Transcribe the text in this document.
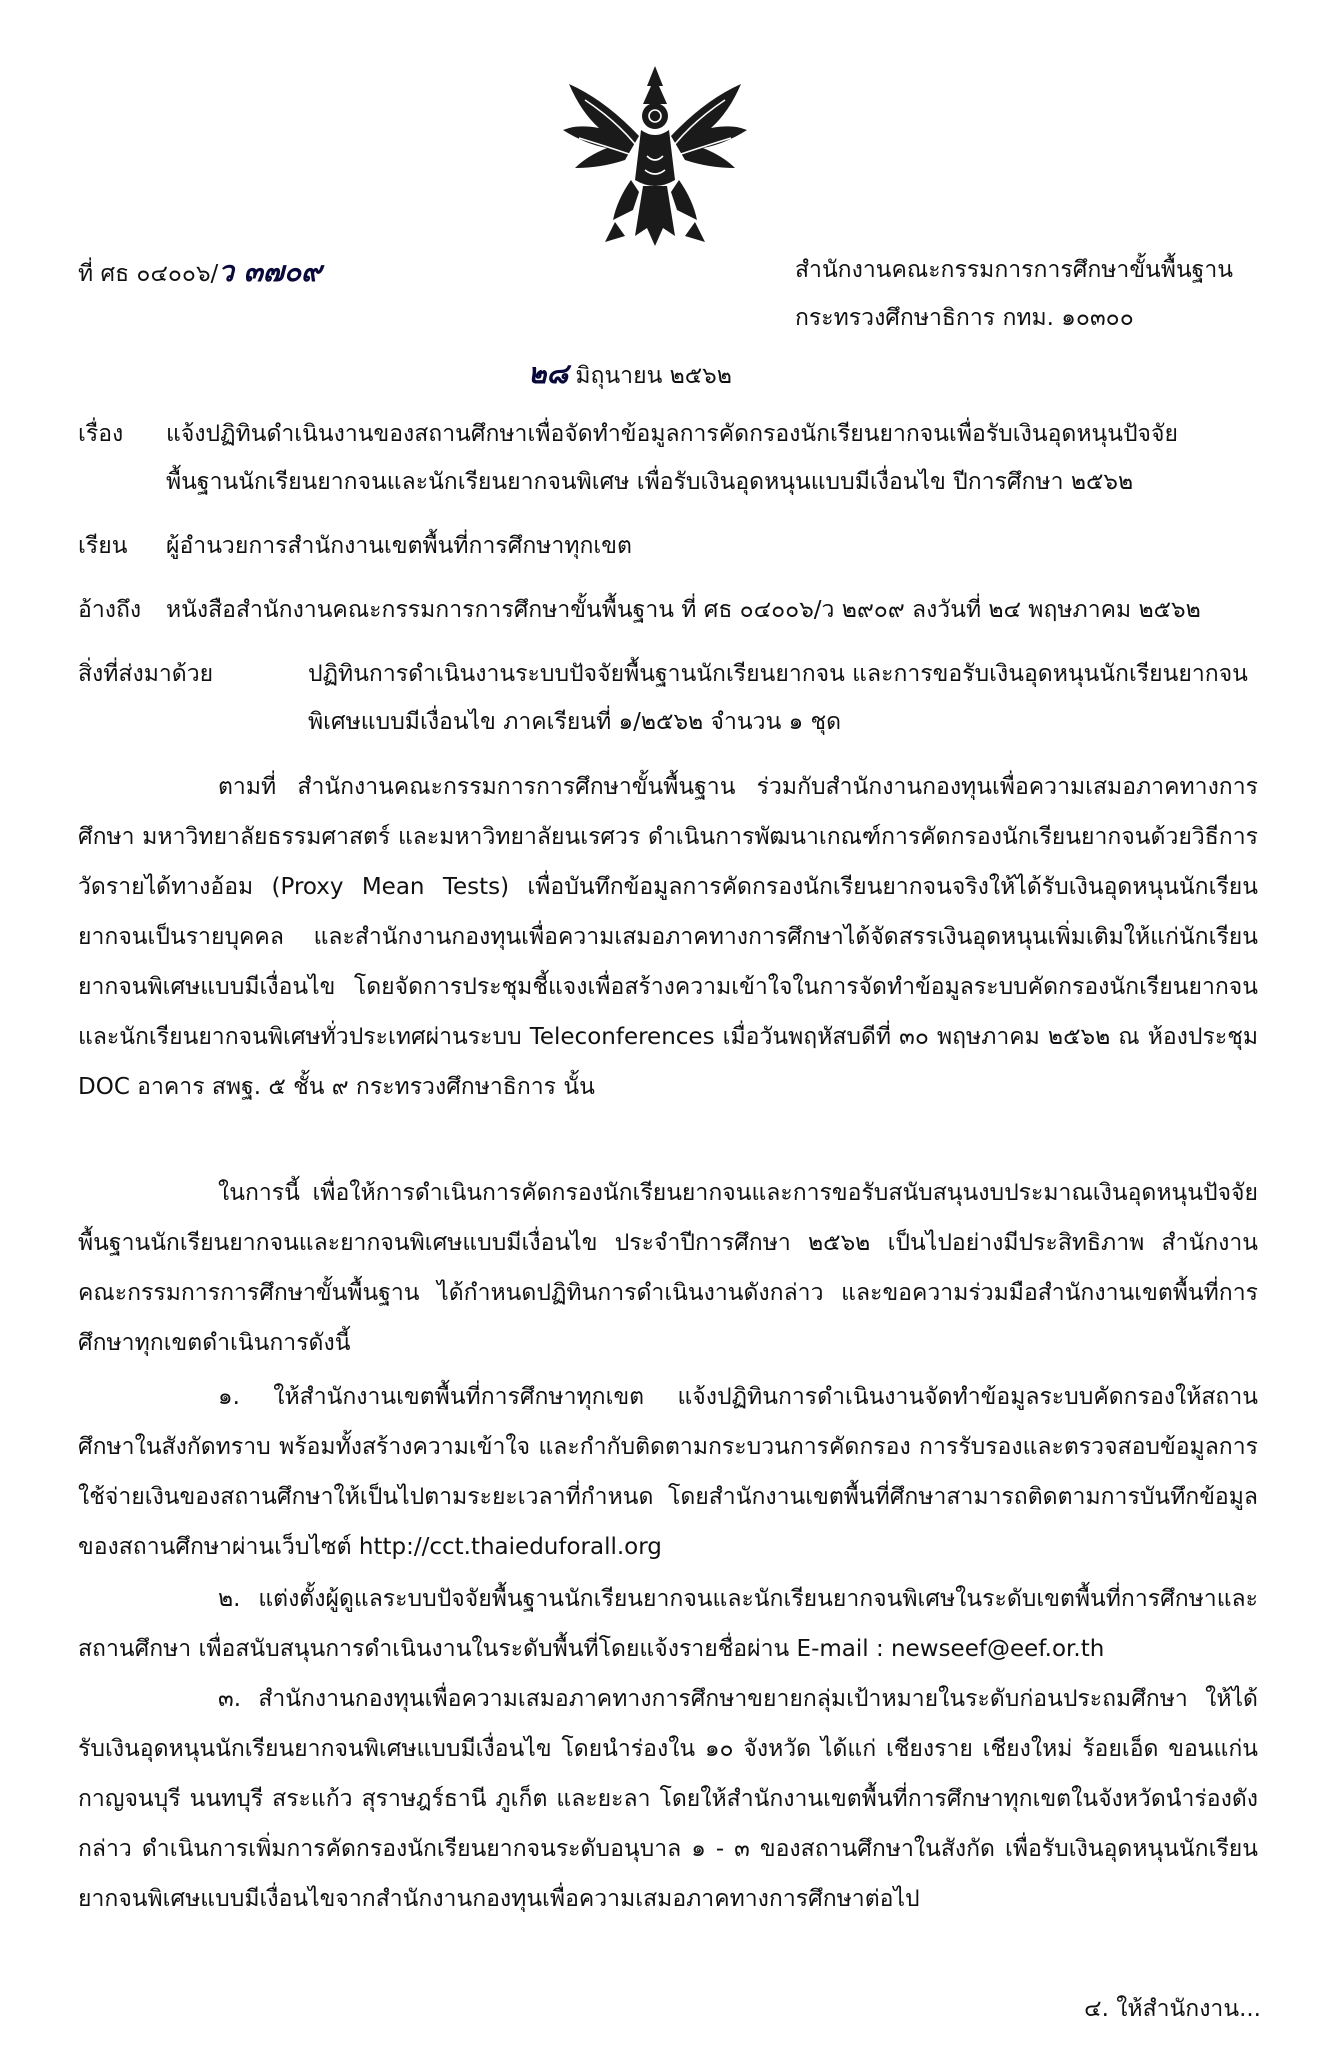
ที่ ศธ ๐๔๐๐๖/ว ๓๗๐๙	สำนักงานคณะกรรมการการศึกษาขั้นพื้นฐาน
กระทรวงศึกษาธิการ กทม. ๑๐๓๐๐
๒๘ มิถุนายน ๒๕๖๒
เรื่อง แจ้งปฏิทินดำเนินงานของสถานศึกษาเพื่อจัดทำข้อมูลการคัดกรองนักเรียนยากจนเพื่อรับเงินอุดหนุนปัจจัย
พื้นฐานนักเรียนยากจนและนักเรียนยากจนพิเศษ เพื่อรับเงินอุดหนุนแบบมีเงื่อนไข ปีการศึกษา ๒๕๖๒
เรียน ผู้อำนวยการสำนักงานเขตพื้นที่การศึกษาทุกเขต
อ้างถึง หนังสือสำนักงานคณะกรรมการการศึกษาขั้นพื้นฐาน ที่ ศธ ๐๔๐๐๖/ว ๒๙๐๙ ลงวันที่ ๒๔ พฤษภาคม ๒๕๖๒
สิ่งที่ส่งมาด้วย	ปฏิทินการดำเนินงานระบบปัจจัยพื้นฐานนักเรียนยากจน และการขอรับเงินอุดหนุนนักเรียนยากจน
พิเศษแบบมีเงื่อนไข ภาคเรียนที่ ๑/๒๕๖๒ จำนวน ๑ ชุด

ตามที่ สำนักงานคณะกรรมการการศึกษาขั้นพื้นฐาน ร่วมกับสำนักงานกองทุนเพื่อความเสมอภาคทางการศึกษา มหาวิทยาลัยธรรมศาสตร์ และมหาวิทยาลัยนเรศวร ดำเนินการพัฒนาเกณฑ์การคัดกรองนักเรียนยากจนด้วยวิธีการวัดรายได้ทางอ้อม (Proxy Mean Tests) เพื่อบันทึกข้อมูลการคัดกรองนักเรียนยากจนจริงให้ได้รับเงินอุดหนุนนักเรียนยากจนเป็นรายบุคคล และสำนักงานกองทุนเพื่อความเสมอภาคทางการศึกษาได้จัดสรรเงินอุดหนุนเพิ่มเติมให้แก่นักเรียนยากจนพิเศษแบบมีเงื่อนไข โดยจัดการประชุมชี้แจงเพื่อสร้างความเข้าใจในการจัดทำข้อมูลระบบคัดกรองนักเรียนยากจนและนักเรียนยากจนพิเศษทั่วประเทศผ่านระบบ Teleconferences เมื่อวันพฤหัสบดีที่ ๓๐ พฤษภาคม ๒๕๖๒ ณ ห้องประชุม DOC อาคาร สพฐ. ๕ ชั้น ๙ กระทรวงศึกษาธิการ นั้น

ในการนี้ เพื่อให้การดำเนินการคัดกรองนักเรียนยากจนและการขอรับสนับสนุนงบประมาณเงินอุดหนุนปัจจัยพื้นฐานนักเรียนยากจนและยากจนพิเศษแบบมีเงื่อนไข ประจำปีการศึกษา ๒๕๖๒ เป็นไปอย่างมีประสิทธิภาพ สำนักงานคณะกรรมการการศึกษาขั้นพื้นฐาน ได้กำหนดปฏิทินการดำเนินงานดังกล่าว และขอความร่วมมือสำนักงานเขตพื้นที่การศึกษาทุกเขตดำเนินการดังนี้

๑. ให้สำนักงานเขตพื้นที่การศึกษาทุกเขต แจ้งปฏิทินการดำเนินงานจัดทำข้อมูลระบบคัดกรองให้สถานศึกษาในสังกัดทราบ พร้อมทั้งสร้างความเข้าใจ และกำกับติดตามกระบวนการคัดกรอง การรับรองและตรวจสอบข้อมูลการใช้จ่ายเงินของสถานศึกษาให้เป็นไปตามระยะเวลาที่กำหนด โดยสำนักงานเขตพื้นที่ศึกษาสามารถติดตามการบันทึกข้อมูลของสถานศึกษาผ่านเว็บไซต์ http://cct.thaieduforall.org

๒. แต่งตั้งผู้ดูแลระบบปัจจัยพื้นฐานนักเรียนยากจนและนักเรียนยากจนพิเศษในระดับเขตพื้นที่การศึกษาและสถานศึกษา เพื่อสนับสนุนการดำเนินงานในระดับพื้นที่โดยแจ้งรายชื่อผ่าน E-mail : newseef@eef.or.th

๓. สำนักงานกองทุนเพื่อความเสมอภาคทางการศึกษาขยายกลุ่มเป้าหมายในระดับก่อนประถมศึกษา ให้ได้รับเงินอุดหนุนนักเรียนยากจนพิเศษแบบมีเงื่อนไข โดยนำร่องใน ๑๐ จังหวัด ได้แก่ เชียงราย เชียงใหม่ ร้อยเอ็ด ขอนแก่น กาญจนบุรี นนทบุรี สระแก้ว สุราษฎร์ธานี ภูเก็ต และยะลา โดยให้สำนักงานเขตพื้นที่การศึกษาทุกเขตในจังหวัดนำร่องดังกล่าว ดำเนินการเพิ่มการคัดกรองนักเรียนยากจนระดับอนุบาล ๑ - ๓ ของสถานศึกษาในสังกัด เพื่อรับเงินอุดหนุนนักเรียนยากจนพิเศษแบบมีเงื่อนไขจากสำนักงานกองทุนเพื่อความเสมอภาคทางการศึกษาต่อไป

๔. ให้สำนักงาน...
